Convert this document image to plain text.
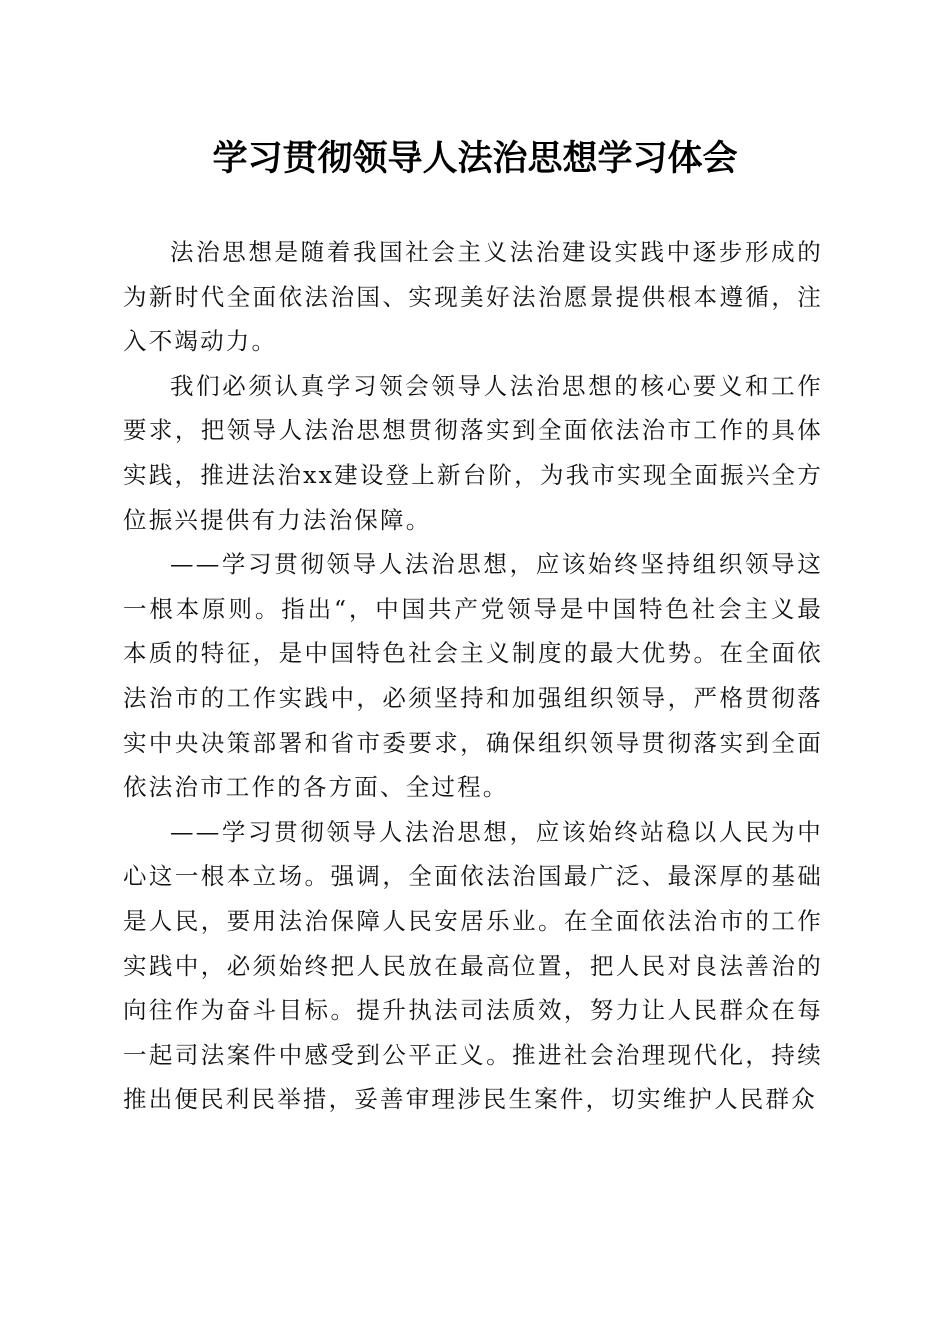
学习贯彻领导人法治思想学习体会

法治思想是随着我国社会主义法治建设实践中逐步形成的为新时代全面依法治国、实现美好法治愿景提供根本遵循，注入不竭动力。

我们必须认真学习领会领导人法治思想的核心要义和工作要求，把领导人法治思想贯彻落实到全面依法治市工作的具体实践，推进法治xx建设登上新台阶，为我市实现全面振兴全方位振兴提供有力法治保障。

——学习贯彻领导人法治思想，应该始终坚持组织领导这一根本原则。指出“，中国共产党领导是中国特色社会主义最本质的特征，是中国特色社会主义制度的最大优势。在全面依法治市的工作实践中，必须坚持和加强组织领导，严格贯彻落实中央决策部署和省市委要求，确保组织领导贯彻落实到全面依法治市工作的各方面、全过程。

——学习贯彻领导人法治思想，应该始终站稳以人民为中心这一根本立场。强调，全面依法治国最广泛、最深厚的基础是人民，要用法治保障人民安居乐业。在全面依法治市的工作实践中，必须始终把人民放在最高位置，把人民对良法善治的向往作为奋斗目标。提升执法司法质效，努力让人民群众在每一起司法案件中感受到公平正义。推进社会治理现代化，持续推出便民利民举措，妥善审理涉民生案件，切实维护人民群众
